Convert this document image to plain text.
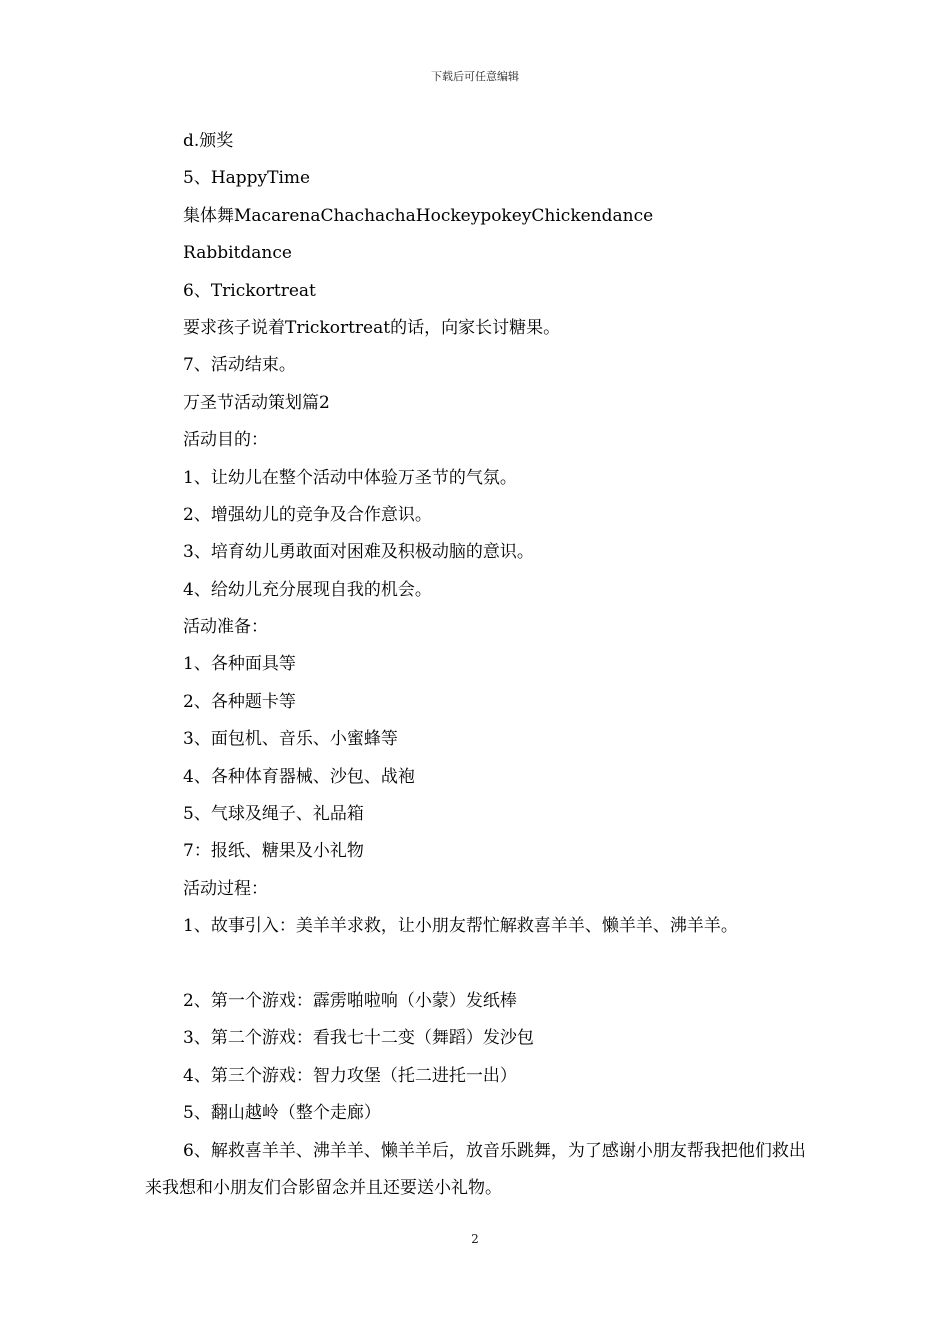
下载后可任意编辑
d.颁奖
5、HappyTime
集体舞MacarenaChachachaHockeypokeyChickendance
Rabbitdance
6、Trickortreat
要求孩子说着Trickortreat的话，向家长讨糖果。
7、活动结束。
万圣节活动策划篇2
活动目的：
1、让幼儿在整个活动中体验万圣节的气氛。
2、增强幼儿的竞争及合作意识。
3、培育幼儿勇敢面对困难及积极动脑的意识。
4、给幼儿充分展现自我的机会。
活动准备：
1、各种面具等
2、各种题卡等
3、面包机、音乐、小蜜蜂等
4、各种体育器械、沙包、战袍
5、气球及绳子、礼品箱
7：报纸、糖果及小礼物
活动过程：
1、故事引入：美羊羊求救，让小朋友帮忙解救喜羊羊、懒羊羊、沸羊羊。
2、第一个游戏：霹雳啪啦响（小蒙）发纸棒
3、第二个游戏：看我七十二变（舞蹈）发沙包
4、第三个游戏：智力攻堡（托二进托一出）
5、翻山越岭（整个走廊）

6、解救喜羊羊、沸羊羊、懒羊羊后，放音乐跳舞，为了感谢小朋友帮我把他们救出来我想和小朋友们合影留念并且还要送小礼物。

2
